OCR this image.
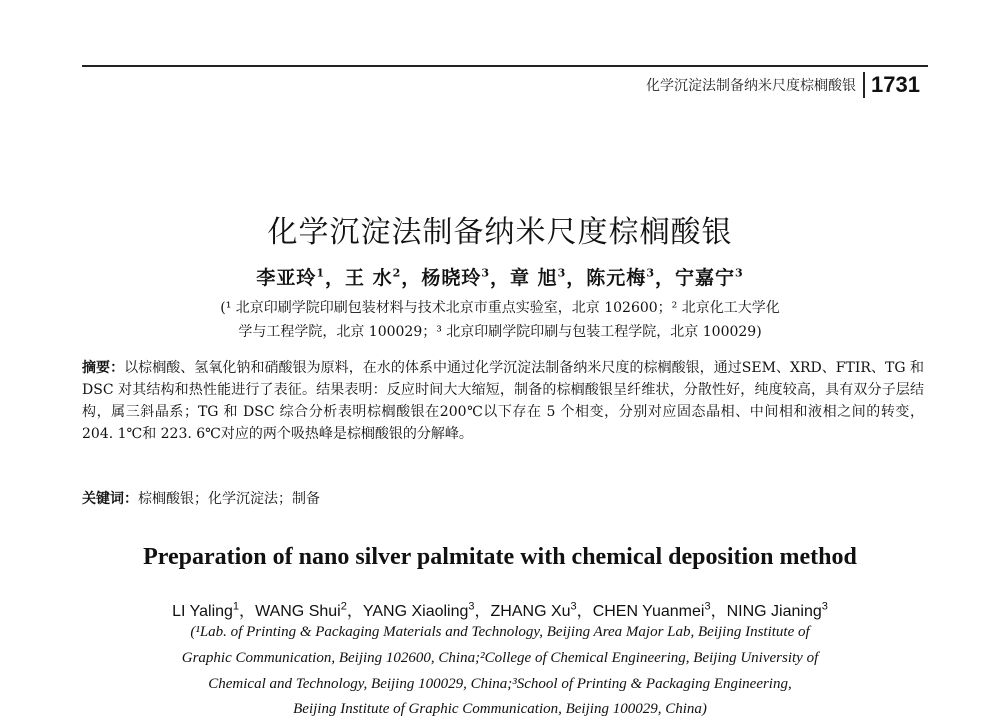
化学沉淀法制备纳米尺度棕榈酸银 1731
化学沉淀法制备纳米尺度棕榈酸银
李亚玲$^1$，王 水$^2$，杨晓玲$^3$，章 旭$^3$，陈元梅$^3$，宁嘉宁$^3$
(¹ 北京印刷学院印刷包装材料与技术北京市重点实验室，北京 102600；² 北京化工大学化
学与工程学院，北京 100029；³ 北京印刷学院印刷与包装工程学院，北京 100029)
摘要：以棕榈酸、氢氧化钠和硝酸银为原料，在水的体系中通过化学沉淀法制备纳米尺度的棕榈酸银，通过SEM、XRD、FTIR、TG 和 DSC 对其结构和热性能进行了表征。结果表明：反应时间大大缩短，制备的棕榈酸银呈纤维状，分散性好，纯度较高，具有双分子层结构，属三斜晶系；TG 和 DSC 综合分析表明棕榈酸银在200℃以下存在 5 个相变，分别对应固态晶相、中间相和液相之间的转变，204. 1℃和 223. 6℃对应的两个吸热峰是棕榈酸银的分解峰。
关键词：棕榈酸银；化学沉淀法；制备
Preparation of nano silver palmitate with chemical deposition method
LI Yaling$^1$，WANG Shui$^2$，YANG Xiaoling$^3$，ZHANG Xu$^3$，CHEN Yuanmei$^3$，NING Jianing$^3$
(¹Lab. of Printing & Packaging Materials and Technology, Beijing Area Major Lab, Beijing Institute of
Graphic Communication, Beijing 102600, China;²College of Chemical Engineering, Beijing University of
Chemical and Technology, Beijing 100029, China;³School of Printing & Packaging Engineering,
Beijing Institute of Graphic Communication, Beijing 100029, China)
